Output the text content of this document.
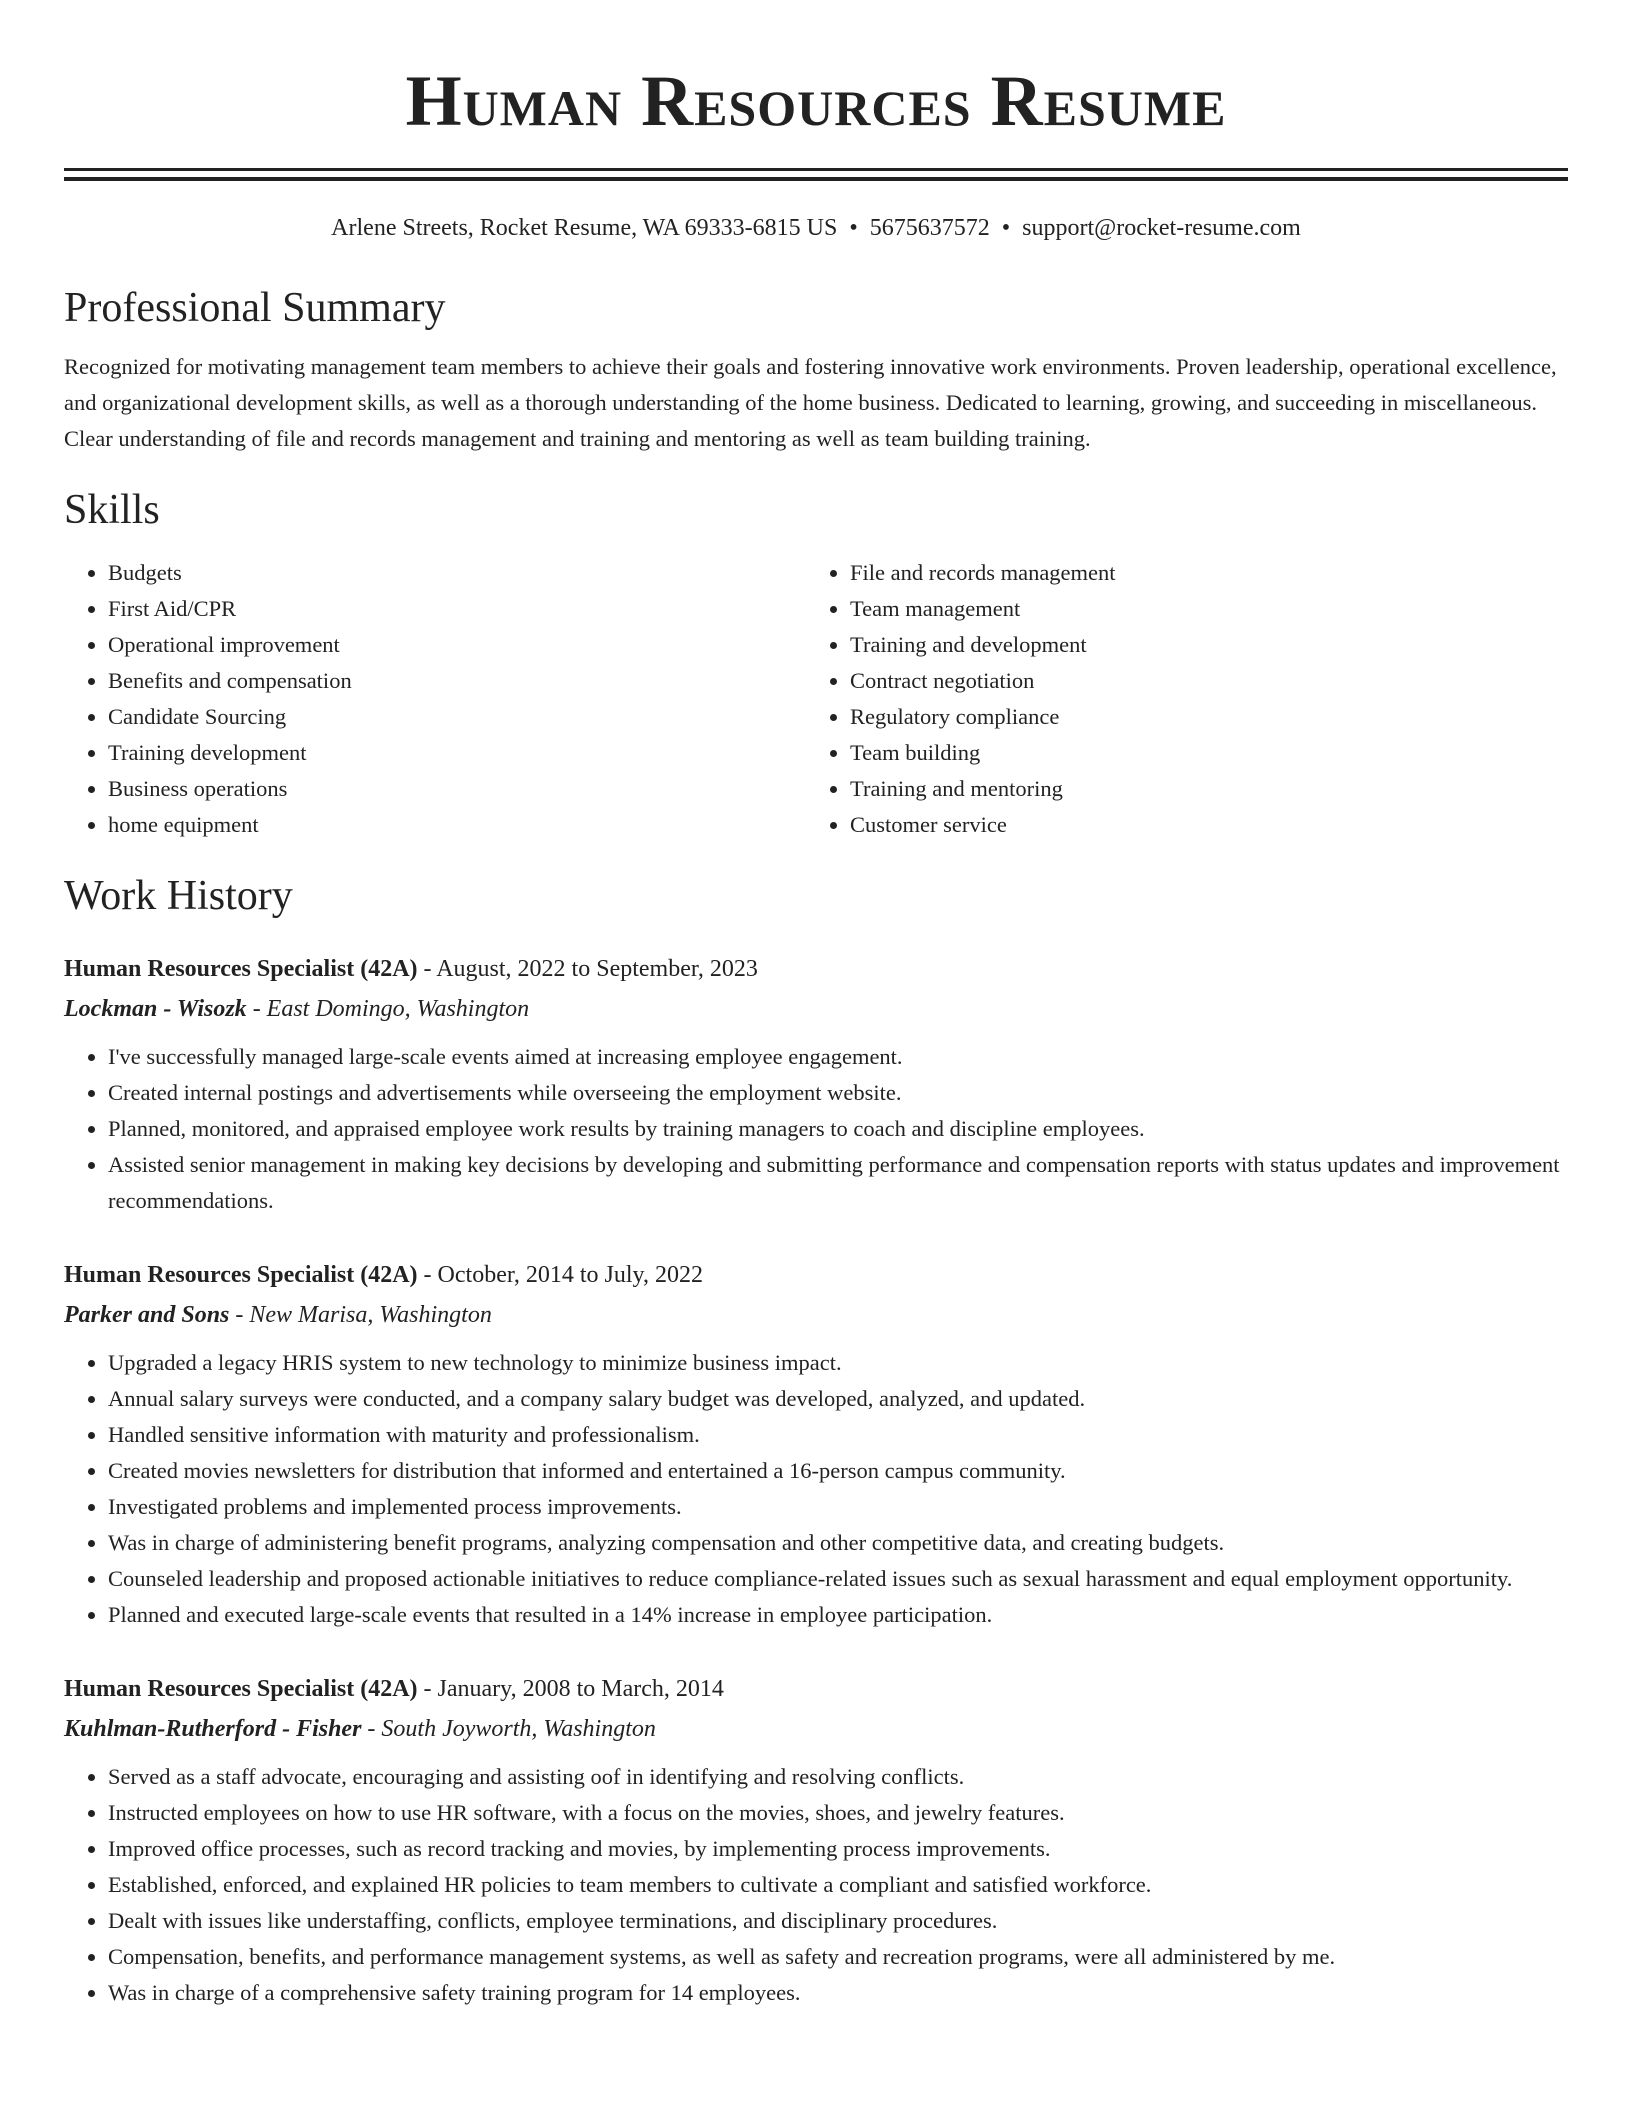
Human Resources Resume
Arlene Streets, Rocket Resume, WA 69333-6815 US • 5675637572 • support@rocket-resume.com
Professional Summary
Recognized for motivating management team members to achieve their goals and fostering innovative work environments. Proven leadership, operational excellence, and organizational development skills, as well as a thorough understanding of the home business. Dedicated to learning, growing, and succeeding in miscellaneous. Clear understanding of file and records management and training and mentoring as well as team building training.
Skills
• Budgets
• First Aid/CPR
• Operational improvement
• Benefits and compensation
• Candidate Sourcing
• Training development
• Business operations
• home equipment
• File and records management
• Team management
• Training and development
• Contract negotiation
• Regulatory compliance
• Team building
• Training and mentoring
• Customer service
Work History
Human Resources Specialist (42A) - August, 2022 to September, 2023
Lockman - Wisozk - East Domingo, Washington
• I've successfully managed large-scale events aimed at increasing employee engagement.
• Created internal postings and advertisements while overseeing the employment website.
• Planned, monitored, and appraised employee work results by training managers to coach and discipline employees.
• Assisted senior management in making key decisions by developing and submitting performance and compensation reports with status updates and improvement recommendations.
Human Resources Specialist (42A) - October, 2014 to July, 2022
Parker and Sons - New Marisa, Washington
• Upgraded a legacy HRIS system to new technology to minimize business impact.
• Annual salary surveys were conducted, and a company salary budget was developed, analyzed, and updated.
• Handled sensitive information with maturity and professionalism.
• Created movies newsletters for distribution that informed and entertained a 16-person campus community.
• Investigated problems and implemented process improvements.
• Was in charge of administering benefit programs, analyzing compensation and other competitive data, and creating budgets.
• Counseled leadership and proposed actionable initiatives to reduce compliance-related issues such as sexual harassment and equal employment opportunity.
• Planned and executed large-scale events that resulted in a 14% increase in employee participation.
Human Resources Specialist (42A) - January, 2008 to March, 2014
Kuhlman-Rutherford - Fisher - South Joyworth, Washington
• Served as a staff advocate, encouraging and assisting oof in identifying and resolving conflicts.
• Instructed employees on how to use HR software, with a focus on the movies, shoes, and jewelry features.
• Improved office processes, such as record tracking and movies, by implementing process improvements.
• Established, enforced, and explained HR policies to team members to cultivate a compliant and satisfied workforce.
• Dealt with issues like understaffing, conflicts, employee terminations, and disciplinary procedures.
• Compensation, benefits, and performance management systems, as well as safety and recreation programs, were all administered by me.
• Was in charge of a comprehensive safety training program for 14 employees.
